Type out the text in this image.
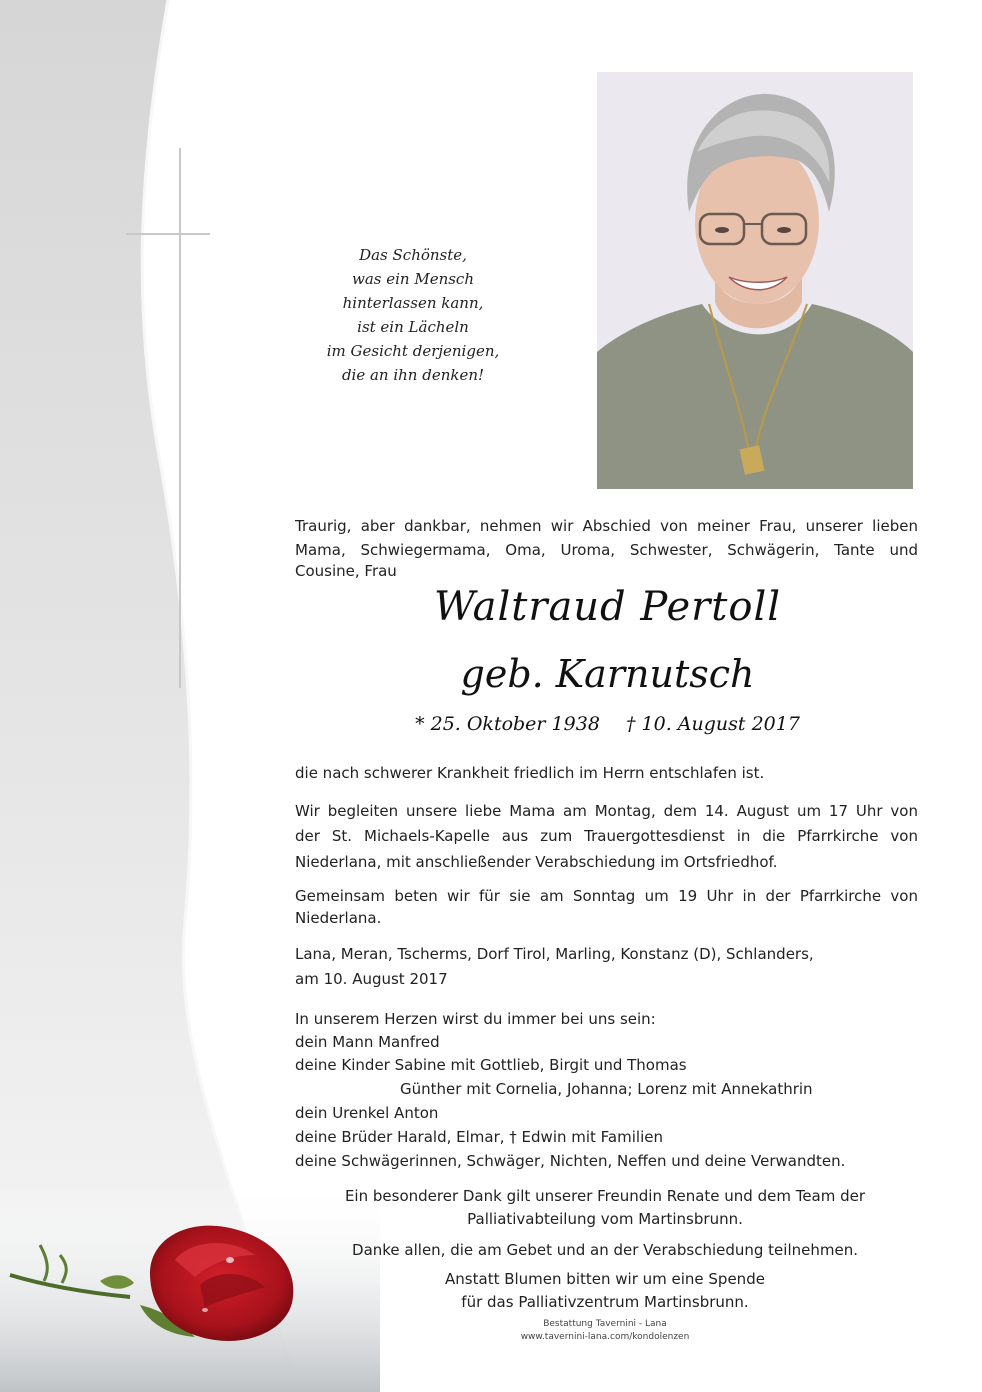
Das Schönste,
was ein Mensch
hinterlassen kann,
ist ein Lächeln
im Gesicht derjenigen,
die an ihn denken!
Traurig, aber dankbar, nehmen wir Abschied von meiner Frau, unserer lieben
Mama, Schwiegermama, Oma, Uroma, Schwester, Schwägerin, Tante und
Cousine, Frau
Waltraud Pertoll
geb. Karnutsch
* 25. Oktober 1938 † 10. August 2017
die nach schwerer Krankheit friedlich im Herrn entschlafen ist.
Wir begleiten unsere liebe Mama am Montag, dem 14. August um 17 Uhr von
der St. Michaels-Kapelle aus zum Trauergottesdienst in die Pfarrkirche von
Niederlana, mit anschließender Verabschiedung im Ortsfriedhof.
Gemeinsam beten wir für sie am Sonntag um 19 Uhr in der Pfarrkirche von
Niederlana.
Lana, Meran, Tscherms, Dorf Tirol, Marling, Konstanz (D), Schlanders,
am 10. August 2017
In unserem Herzen wirst du immer bei uns sein:
dein Mann Manfred
deine Kinder Sabine mit Gottlieb, Birgit und Thomas
Günther mit Cornelia, Johanna; Lorenz mit Annekathrin
dein Urenkel Anton
deine Brüder Harald, Elmar, † Edwin mit Familien
deine Schwägerinnen, Schwäger, Nichten, Neffen und deine Verwandten.
Ein besonderer Dank gilt unserer Freundin Renate und dem Team der
Palliativabteilung vom Martinsbrunn.
Danke allen, die am Gebet und an der Verabschiedung teilnehmen.
Anstatt Blumen bitten wir um eine Spende
für das Palliativzentrum Martinsbrunn.
Bestattung Tavernini - Lana
www.tavernini-lana.com/kondolenzen
